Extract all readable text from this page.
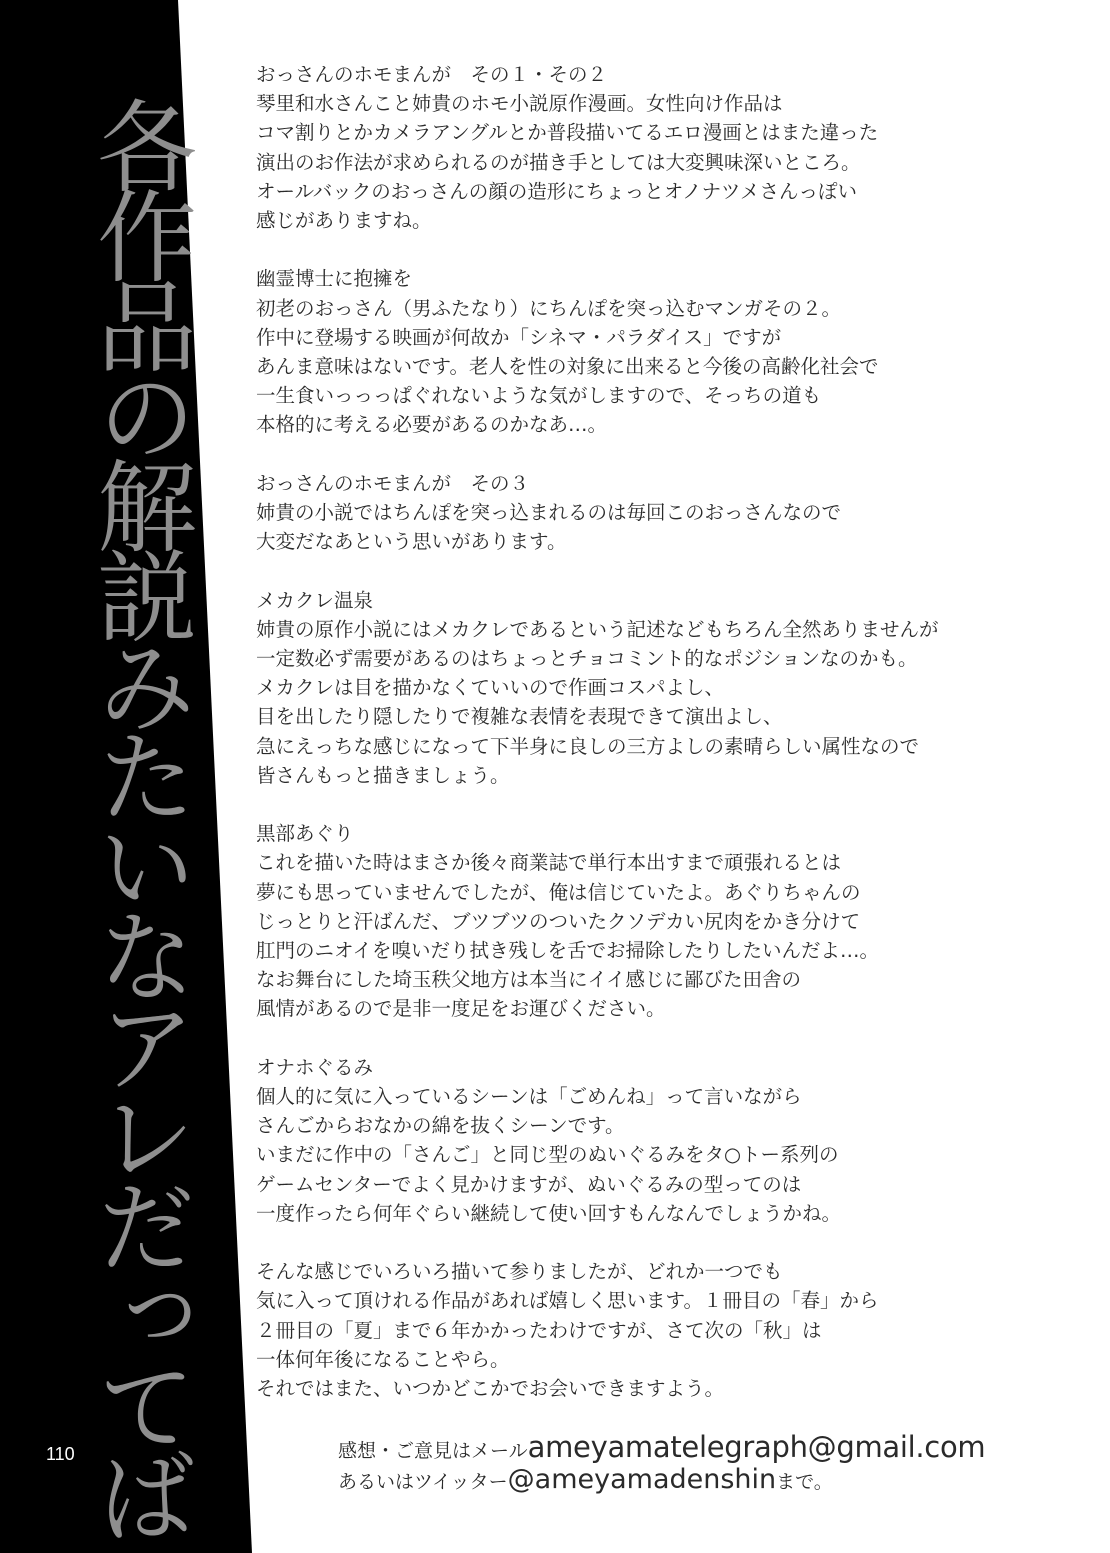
各作品の解説みたいなアレだってば
110
おっさんのホモまんが　その１・その２
琴里和水さんこと姉貴のホモ小説原作漫画。女性向け作品は
コマ割りとかカメラアングルとか普段描いてるエロ漫画とはまた違った
演出のお作法が求められるのが描き手としては大変興味深いところ。
オールバックのおっさんの顔の造形にちょっとオノナツメさんっぽい
感じがありますね。
幽霊博士に抱擁を
初老のおっさん（男ふたなり）にちんぽを突っ込むマンガその２。
作中に登場する映画が何故か「シネマ・パラダイス」ですが
あんま意味はないです。老人を性の対象に出来ると今後の高齢化社会で
一生食いっっっぱぐれないような気がしますので、そっちの道も
本格的に考える必要があるのかなあ…。
おっさんのホモまんが　その３
姉貴の小説ではちんぽを突っ込まれるのは毎回このおっさんなので
大変だなあという思いがあります。
メカクレ温泉
姉貴の原作小説にはメカクレであるという記述などもちろん全然ありませんが
一定数必ず需要があるのはちょっとチョコミント的なポジションなのかも。
メカクレは目を描かなくていいので作画コスパよし、
目を出したり隠したりで複雑な表情を表現できて演出よし、
急にえっちな感じになって下半身に良しの三方よしの素晴らしい属性なので
皆さんもっと描きましょう。
黒部あぐり
これを描いた時はまさか後々商業誌で単行本出すまで頑張れるとは
夢にも思っていませんでしたが、俺は信じていたよ。あぐりちゃんの
じっとりと汗ばんだ、ブツブツのついたクソデカい尻肉をかき分けて
肛門のニオイを嗅いだり拭き残しを舌でお掃除したりしたいんだよ…。
なお舞台にした埼玉秩父地方は本当にイイ感じに鄙びた田舎の
風情があるので是非一度足をお運びください。
オナホぐるみ
個人的に気に入っているシーンは「ごめんね」って言いながら
さんごからおなかの綿を抜くシーンです。
いまだに作中の「さんご」と同じ型のぬいぐるみをタ○トー系列の
ゲームセンターでよく見かけますが、ぬいぐるみの型ってのは
一度作ったら何年ぐらい継続して使い回すもんなんでしょうかね。
そんな感じでいろいろ描いて参りましたが、どれか一つでも
気に入って頂けれる作品があれば嬉しく思います。１冊目の「春」から
２冊目の「夏」まで６年かかったわけですが、さて次の「秋」は
一体何年後になることやら。
それではまた、いつかどこかでお会いできますよう。
感想・ご意見はメール ameyamatelegraph@gmail.com
あるいはツイッター @ameyamadenshin まで。
